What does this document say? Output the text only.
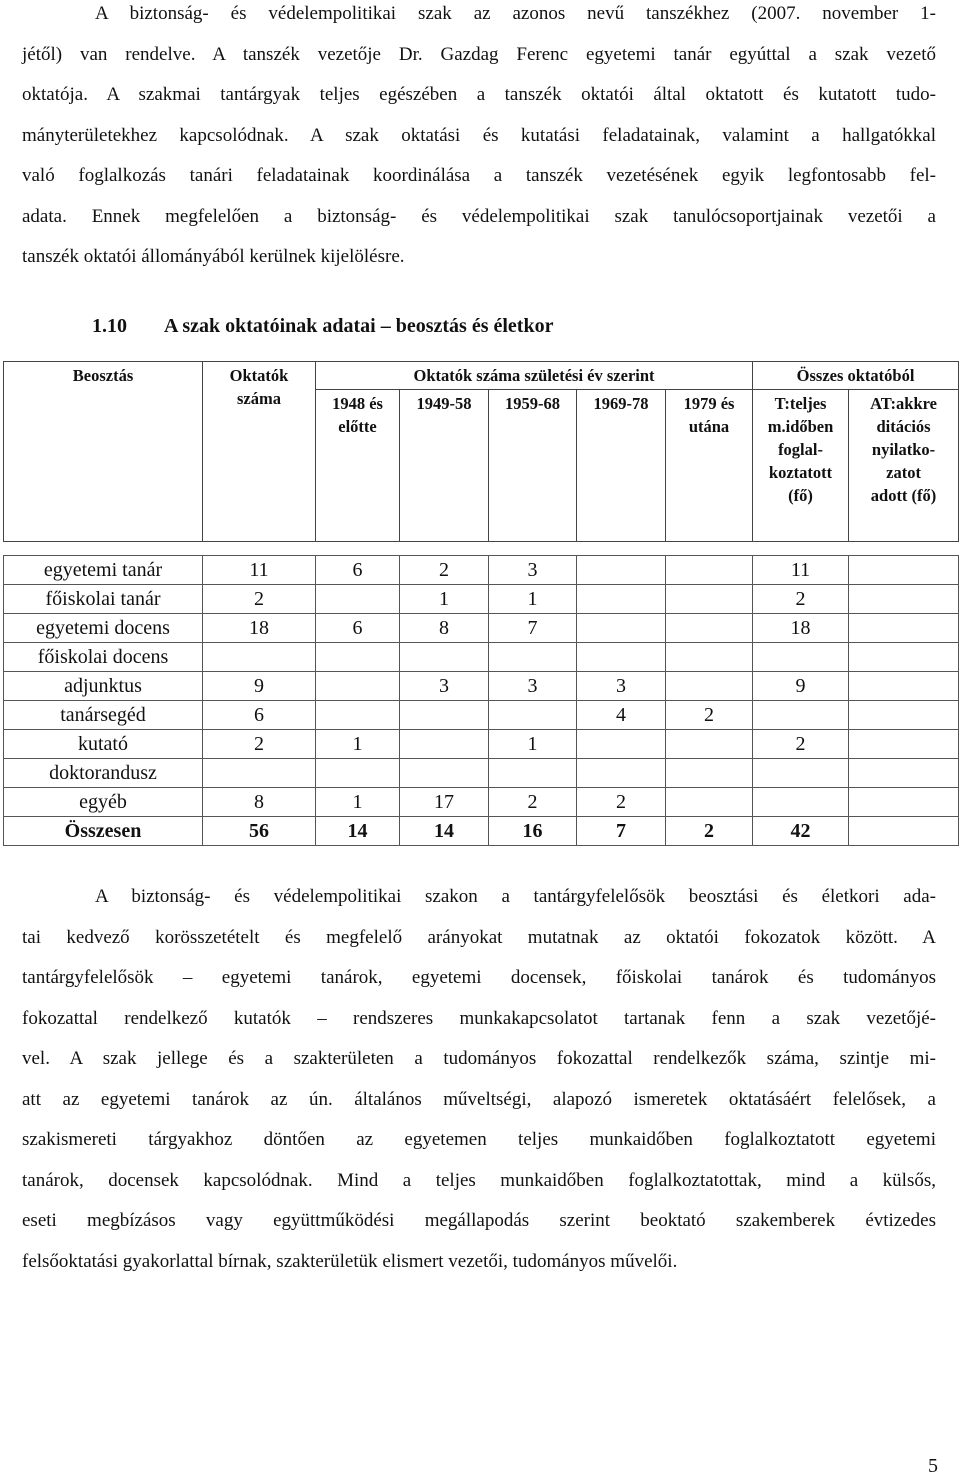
A biztonság- és védelempolitikai szak az azonos nevű tanszékhez (2007. november 1-
jétől) van rendelve. A tanszék vezetője Dr. Gazdag Ferenc egyetemi tanár egyúttal a szak vezető
oktatója. A szakmai tantárgyak teljes egészében a tanszék oktatói által oktatott és kutatott tudo-
mányterületekhez kapcsolódnak. A szak oktatási és kutatási feladatainak, valamint a hallgatókkal
való foglalkozás tanári feladatainak koordinálása a tanszék vezetésének egyik legfontosabb fel-
adata. Ennek megfelelően a biztonság- és védelempolitikai szak tanulócsoportjainak vezetői a
tanszék oktatói állományából kerülnek kijelölésre.
1.10 A szak oktatóinak adatai – beosztás és életkor
Beosztás	Oktatók
száma	Oktatók száma születési év szerint					Összes oktatóból	
		1948 és
előtte	1949-58	1959-68	1969-78	1979 és
utána	T:teljes
m.időben
foglal-
koztatott
(fő)	AT:akkre
ditációs
nyilatko-
zatot
adott (fő)
egyetemi tanár	11	6	2	3			11	
főiskolai tanár	2		1	1			2	
egyetemi docens	18	6	8	7			18	
főiskolai docens								
adjunktus	9		3	3	3		9	
tanársegéd	6				4	2		
kutató	2	1		1			2	
doktorandusz								
egyéb	8	1	17	2	2			
Összesen	56	14	14	16	7	2	42	
A biztonság- és védelempolitikai szakon a tantárgyfelelősök beosztási és életkori ada-
tai kedvező korösszetételt és megfelelő arányokat mutatnak az oktatói fokozatok között. A
tantárgyfelelősök – egyetemi tanárok, egyetemi docensek, főiskolai tanárok és tudományos
fokozattal rendelkező kutatók – rendszeres munkakapcsolatot tartanak fenn a szak vezetőjé-
vel. A szak jellege és a szakterületen a tudományos fokozattal rendelkezők száma, szintje mi-
att az egyetemi tanárok az ún. általános műveltségi, alapozó ismeretek oktatásáért felelősek, a
szakismereti tárgyakhoz döntően az egyetemen teljes munkaidőben foglalkoztatott egyetemi
tanárok, docensek kapcsolódnak. Mind a teljes munkaidőben foglalkoztatottak, mind a külsős,
eseti megbízásos vagy együttműködési megállapodás szerint beoktató szakemberek évtizedes
felsőoktatási gyakorlattal bírnak, szakterületük elismert vezetői, tudományos művelői.
5
